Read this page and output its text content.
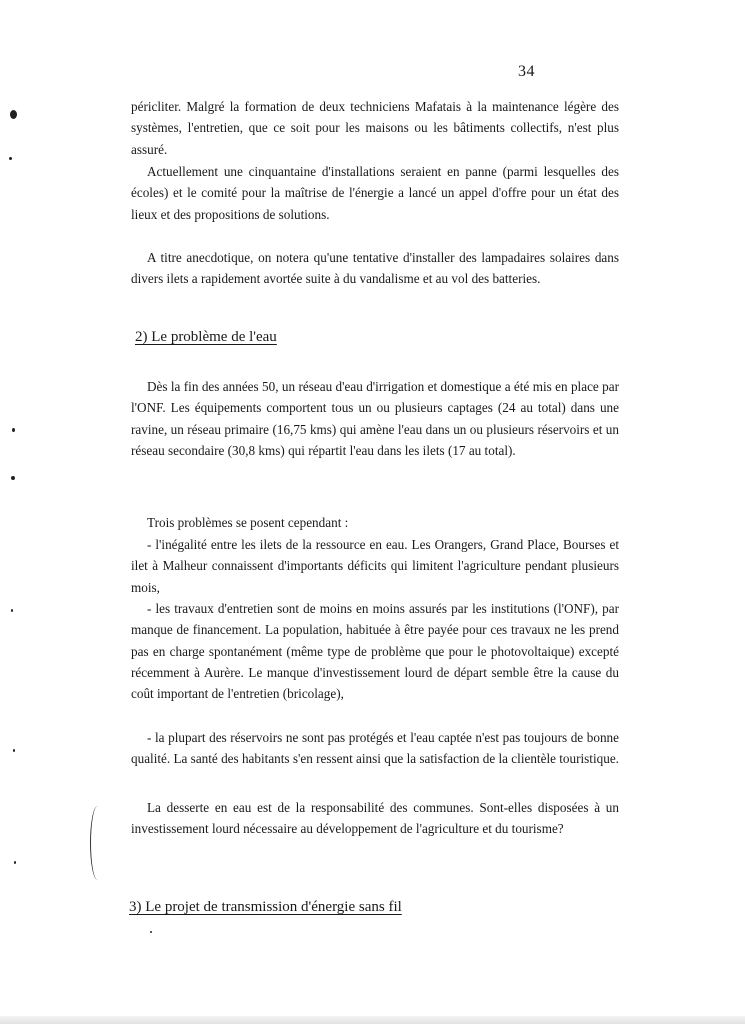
34

péricliter. Malgré la formation de deux techniciens Mafatais à la maintenance légère des systèmes, l'entretien, que ce soit pour les maisons ou les bâtiments collectifs, n'est plus assuré.

Actuellement une cinquantaine d'installations seraient en panne (parmi lesquelles des écoles) et le comité pour la maîtrise de l'énergie a lancé un appel d'offre pour un état des lieux et des propositions de solutions.

A titre anecdotique, on notera qu'une tentative d'installer des lampadaires solaires dans divers ilets a rapidement avortée suite à du vandalisme et au vol des batteries.

2) Le problème de l'eau

Dès la fin des années 50, un réseau d'eau d'irrigation et domestique a été mis en place par l'ONF. Les équipements comportent tous un ou plusieurs captages (24 au total) dans une ravine, un réseau primaire (16,75 kms) qui amène l'eau dans un ou plusieurs réservoirs et un réseau secondaire (30,8 kms) qui répartit l'eau dans les ilets (17 au total).

Trois problèmes se posent cependant :

- l'inégalité entre les ilets de la ressource en eau. Les Orangers, Grand Place, Bourses et ilet à Malheur connaissent d'importants déficits qui limitent l'agriculture pendant plusieurs mois,

- les travaux d'entretien sont de moins en moins assurés par les institutions (l'ONF), par manque de financement. La population, habituée à être payée pour ces travaux ne les prend pas en charge spontanément (même type de problème que pour le photovoltaique) excepté récemment à Aurère. Le manque d'investissement lourd de départ semble être la cause du coût important de l'entretien (bricolage),

- la plupart des réservoirs ne sont pas protégés et l'eau captée n'est pas toujours de bonne qualité. La santé des habitants s'en ressent ainsi que la satisfaction de la clientèle touristique.

La desserte en eau est de la responsabilité des communes. Sont-elles disposées à un investissement lourd nécessaire au développement de l'agriculture et du tourisme?

3) Le projet de transmission d'énergie sans fil
